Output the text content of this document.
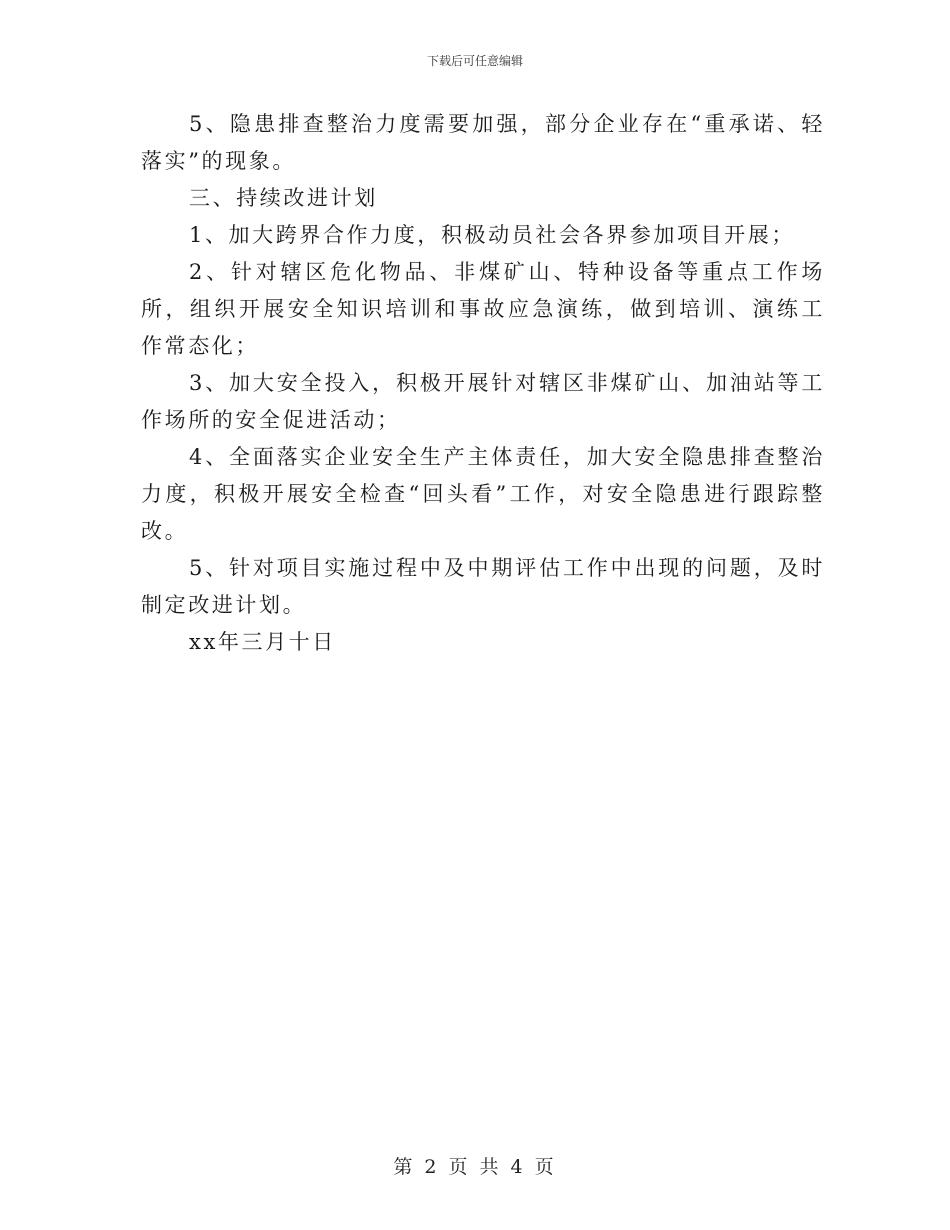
下载后可任意编辑

5、隐患排查整治力度需要加强，部分企业存在“重承诺、轻落实”的现象。

三、持续改进计划

1、加大跨界合作力度，积极动员社会各界参加项目开展；

2、针对辖区危化物品、非煤矿山、特种设备等重点工作场所，组织开展安全知识培训和事故应急演练，做到培训、演练工作常态化；

3、加大安全投入，积极开展针对辖区非煤矿山、加油站等工作场所的安全促进活动；

4、全面落实企业安全生产主体责任，加大安全隐患排查整治力度，积极开展安全检查“回头看”工作，对安全隐患进行跟踪整改。

5、针对项目实施过程中及中期评估工作中出现的问题，及时制定改进计划。

xx年三月十日

第 2 页 共 4 页
